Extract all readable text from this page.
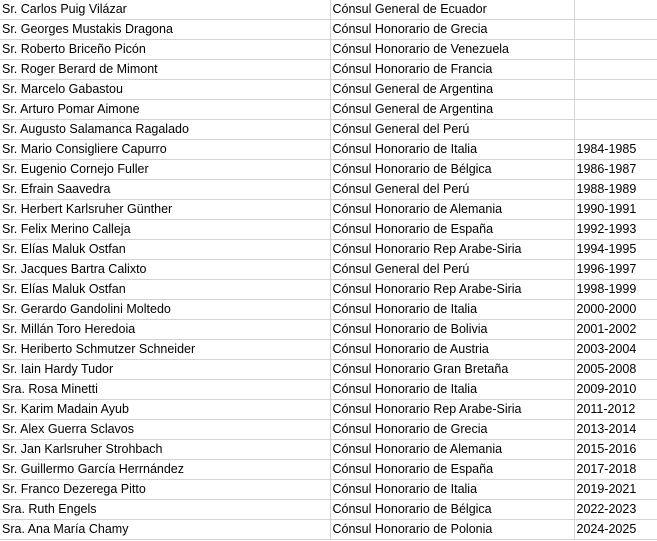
Sr. Carlos Puig Vilázar	Cónsul General de Ecuador		
Sr. Georges Mustakis Dragona	Cónsul Honorario de Grecia		
Sr. Roberto Briceño Picón	Cónsul Honorario de Venezuela		
Sr. Roger Berard de Mimont	Cónsul Honorario de Francia		
Sr. Marcelo Gabastou	Cónsul General de Argentina		
Sr. Arturo Pomar Aimone	Cónsul General de Argentina		
Sr. Augusto Salamanca Ragalado	Cónsul General del Perú		
Sr. Mario Consigliere Capurro	Cónsul Honorario de Italia	1984-1985	
Sr. Eugenio Cornejo Fuller	Cónsul Honorario de Bélgica	1986-1987	
Sr. Efrain Saavedra	Cónsul General del Perú	1988-1989	
Sr. Herbert Karlsruher Günther	Cónsul Honorario de Alemania	1990-1991	
Sr. Felix Merino Calleja	Cónsul Honorario de España	1992-1993	
Sr. Elías Maluk Ostfan	Cónsul Honorario Rep Arabe-Siria	1994-1995	
Sr. Jacques Bartra Calixto	Cónsul General del Perú	1996-1997	
Sr. Elías Maluk Ostfan	Cónsul Honorario Rep Arabe-Siria	1998-1999	
Sr. Gerardo Gandolini Moltedo	Cónsul Honorario de Italia	2000-2000	
Sr. Millán Toro Heredoia	Cónsul Honorario de Bolivia	2001-2002	
Sr. Heriberto Schmutzer Schneider	Cónsul Honorario de Austria	2003-2004	
Sr. Iain Hardy Tudor	Cónsul Honorario Gran Bretaña	2005-2008	
Sra. Rosa Minetti	Cónsul Honorario de Italia	2009-2010	
Sr. Karim Madain Ayub	Cónsul Honorario Rep Arabe-Siria	2011-2012	
Sr. Alex Guerra Sclavos	Cónsul Honorario de Grecia	2013-2014	
Sr. Jan Karlsruher Strohbach	Cónsul Honorario de Alemania	2015-2016	
Sr. Guillermo García Herrnández	Cónsul Honorario de España	2017-2018	
Sr. Franco Dezerega Pitto	Cónsul Honorario de Italia	2019-2021	
Sra. Ruth Engels	Cónsul Honorario de Bélgica	2022-2023	
Sra. Ana María Chamy	Cónsul Honorario de Polonia	2024-2025	
